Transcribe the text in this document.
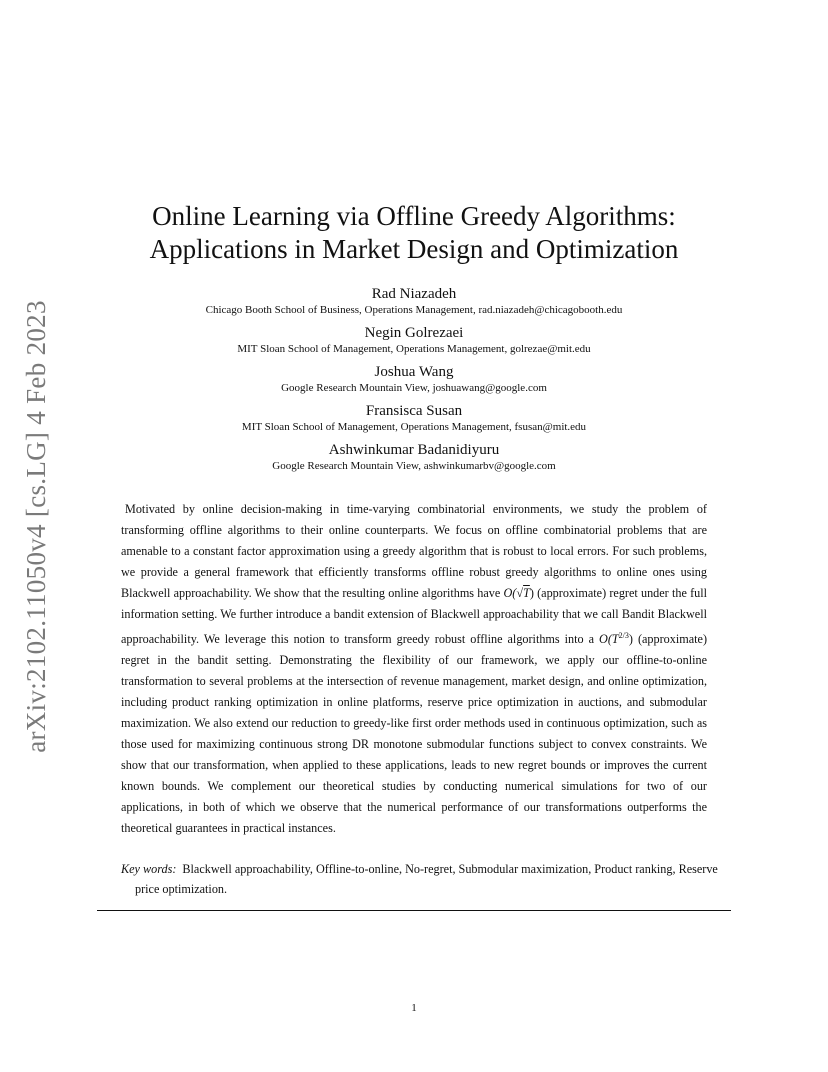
arXiv:2102.11050v4 [cs.LG] 4 Feb 2023
Online Learning via Offline Greedy Algorithms:
Applications in Market Design and Optimization
Rad Niazadeh
Chicago Booth School of Business, Operations Management, rad.niazadeh@chicagobooth.edu
Negin Golrezaei
MIT Sloan School of Management, Operations Management, golrezae@mit.edu
Joshua Wang
Google Research Mountain View, joshuawang@google.com
Fransisca Susan
MIT Sloan School of Management, Operations Management, fsusan@mit.edu
Ashwinkumar Badanidiyuru
Google Research Mountain View, ashwinkumarbv@google.com

Motivated by online decision-making in time-varying combinatorial environments, we study the problem of transforming offline algorithms to their online counterparts. We focus on offline combinatorial problems that are amenable to a constant factor approximation using a greedy algorithm that is robust to local errors. For such problems, we provide a general framework that efficiently transforms offline robust greedy algorithms to online ones using Blackwell approachability. We show that the resulting online algorithms have O(√T) (approximate) regret under the full information setting. We further introduce a bandit extension of Blackwell approachability that we call Bandit Blackwell approachability. We leverage this notion to transform greedy robust offline algorithms into a $O(T^{2/3})$ (approximate) regret in the bandit setting. Demonstrating the flexibility of our framework, we apply our offline-to-online transformation to several problems at the intersection of revenue management, market design, and online optimization, including product ranking optimization in online platforms, reserve price optimization in auctions, and submodular maximization. We also extend our reduction to greedy-like first order methods used in continuous optimization, such as those used for maximizing continuous strong DR monotone submodular functions subject to convex constraints. We show that our transformation, when applied to these applications, leads to new regret bounds or improves the current known bounds. We complement our theoretical studies by conducting numerical simulations for two of our applications, in both of which we observe that the numerical performance of our transformations outperforms the theoretical guarantees in practical instances.

Key words: Blackwell approachability, Offline-to-online, No-regret, Submodular maximization, Product ranking, Reserve price optimization.
1
